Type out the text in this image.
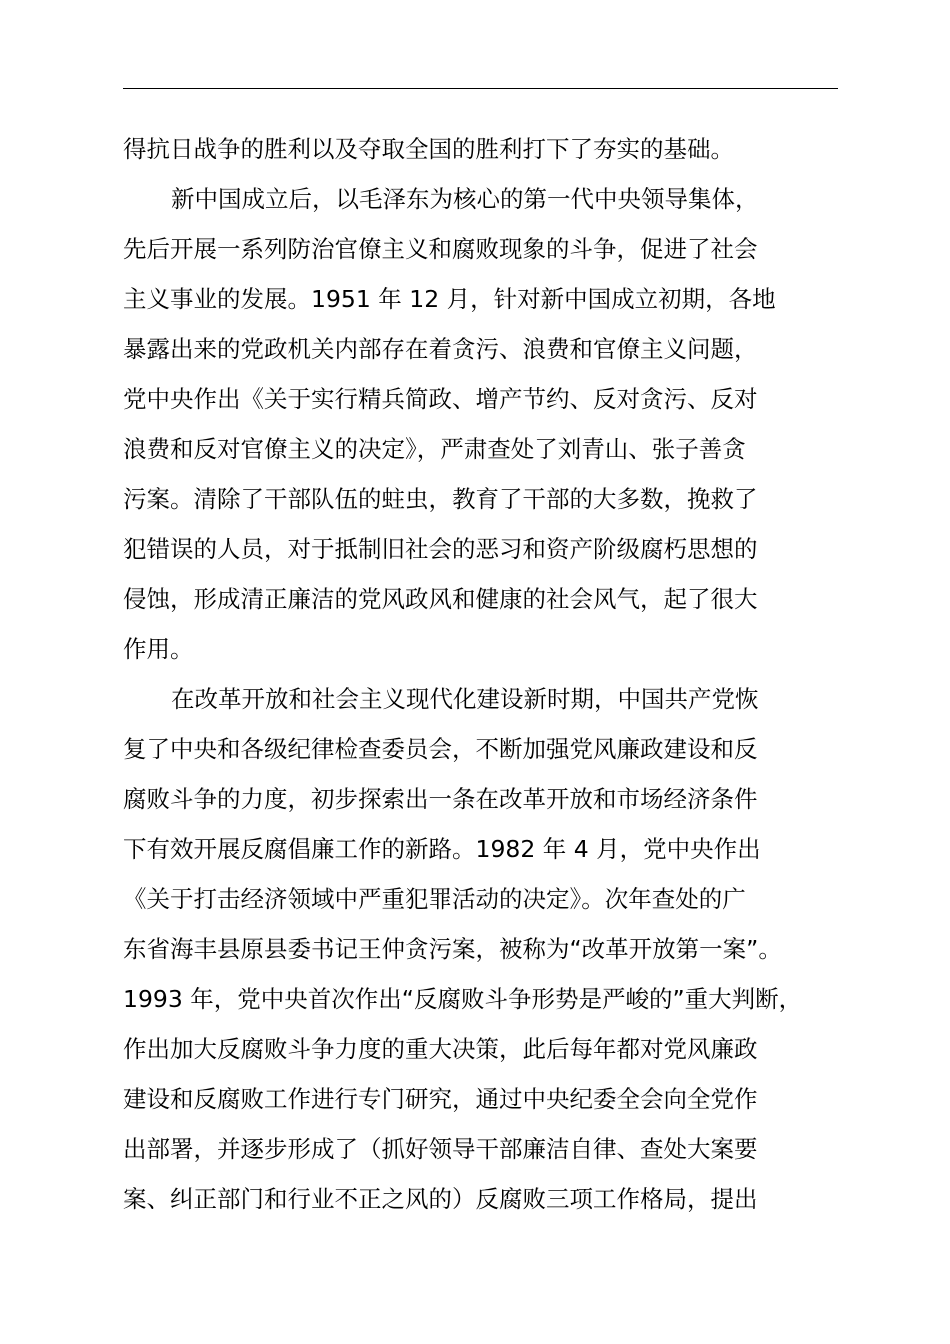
得抗日战争的胜利以及夺取全国的胜利打下了夯实的基础。
新中国成立后，以毛泽东为核心的第一代中央领导集体，
先后开展一系列防治官僚主义和腐败现象的斗争，促进了社会
主义事业的发展。1951 年 12 月，针对新中国成立初期，各地
暴露出来的党政机关内部存在着贪污、浪费和官僚主义问题，
党中央作出《关于实行精兵简政、增产节约、反对贪污、反对
浪费和反对官僚主义的决定》，严肃查处了刘青山、张子善贪
污案。清除了干部队伍的蛀虫，教育了干部的大多数，挽救了
犯错误的人员，对于抵制旧社会的恶习和资产阶级腐朽思想的
侵蚀，形成清正廉洁的党风政风和健康的社会风气，起了很大
作用。
在改革开放和社会主义现代化建设新时期，中国共产党恢
复了中央和各级纪律检查委员会，不断加强党风廉政建设和反
腐败斗争的力度，初步探索出一条在改革开放和市场经济条件
下有效开展反腐倡廉工作的新路。1982 年 4 月，党中央作出
《关于打击经济领域中严重犯罪活动的决定》。次年查处的广
东省海丰县原县委书记王仲贪污案，被称为“改革开放第一案”。
1993 年，党中央首次作出“反腐败斗争形势是严峻的”重大判断，
作出加大反腐败斗争力度的重大决策，此后每年都对党风廉政
建设和反腐败工作进行专门研究，通过中央纪委全会向全党作
出部署，并逐步形成了（抓好领导干部廉洁自律、查处大案要
案、纠正部门和行业不正之风的）反腐败三项工作格局，提出
